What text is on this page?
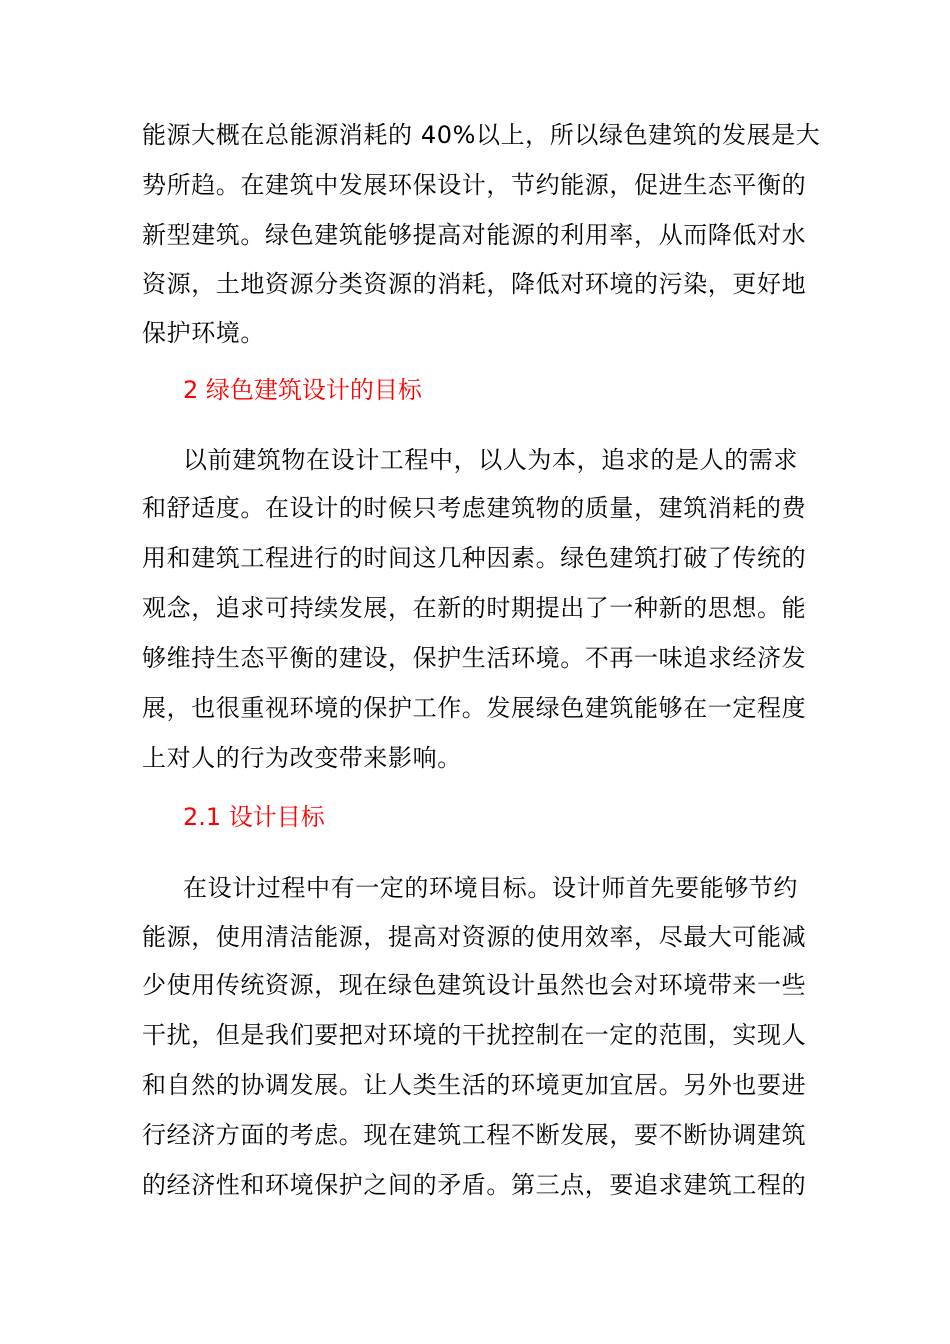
能源大概在总能源消耗的 40%以上，所以绿色建筑的发展是大
势所趋。在建筑中发展环保设计，节约能源，促进生态平衡的
新型建筑。绿色建筑能够提高对能源的利用率，从而降低对水
资源，土地资源分类资源的消耗，降低对环境的污染，更好地
保护环境。
2 绿色建筑设计的目标
以前建筑物在设计工程中，以人为本，追求的是人的需求
和舒适度。在设计的时候只考虑建筑物的质量，建筑消耗的费
用和建筑工程进行的时间这几种因素。绿色建筑打破了传统的
观念，追求可持续发展，在新的时期提出了一种新的思想。能
够维持生态平衡的建设，保护生活环境。不再一味追求经济发
展，也很重视环境的保护工作。发展绿色建筑能够在一定程度
上对人的行为改变带来影响。
2.1 设计目标
在设计过程中有一定的环境目标。设计师首先要能够节约
能源，使用清洁能源，提高对资源的使用效率，尽最大可能减
少使用传统资源，现在绿色建筑设计虽然也会对环境带来一些
干扰，但是我们要把对环境的干扰控制在一定的范围，实现人
和自然的协调发展。让人类生活的环境更加宜居。另外也要进
行经济方面的考虑。现在建筑工程不断发展，要不断协调建筑
的经济性和环境保护之间的矛盾。第三点，要追求建筑工程的
